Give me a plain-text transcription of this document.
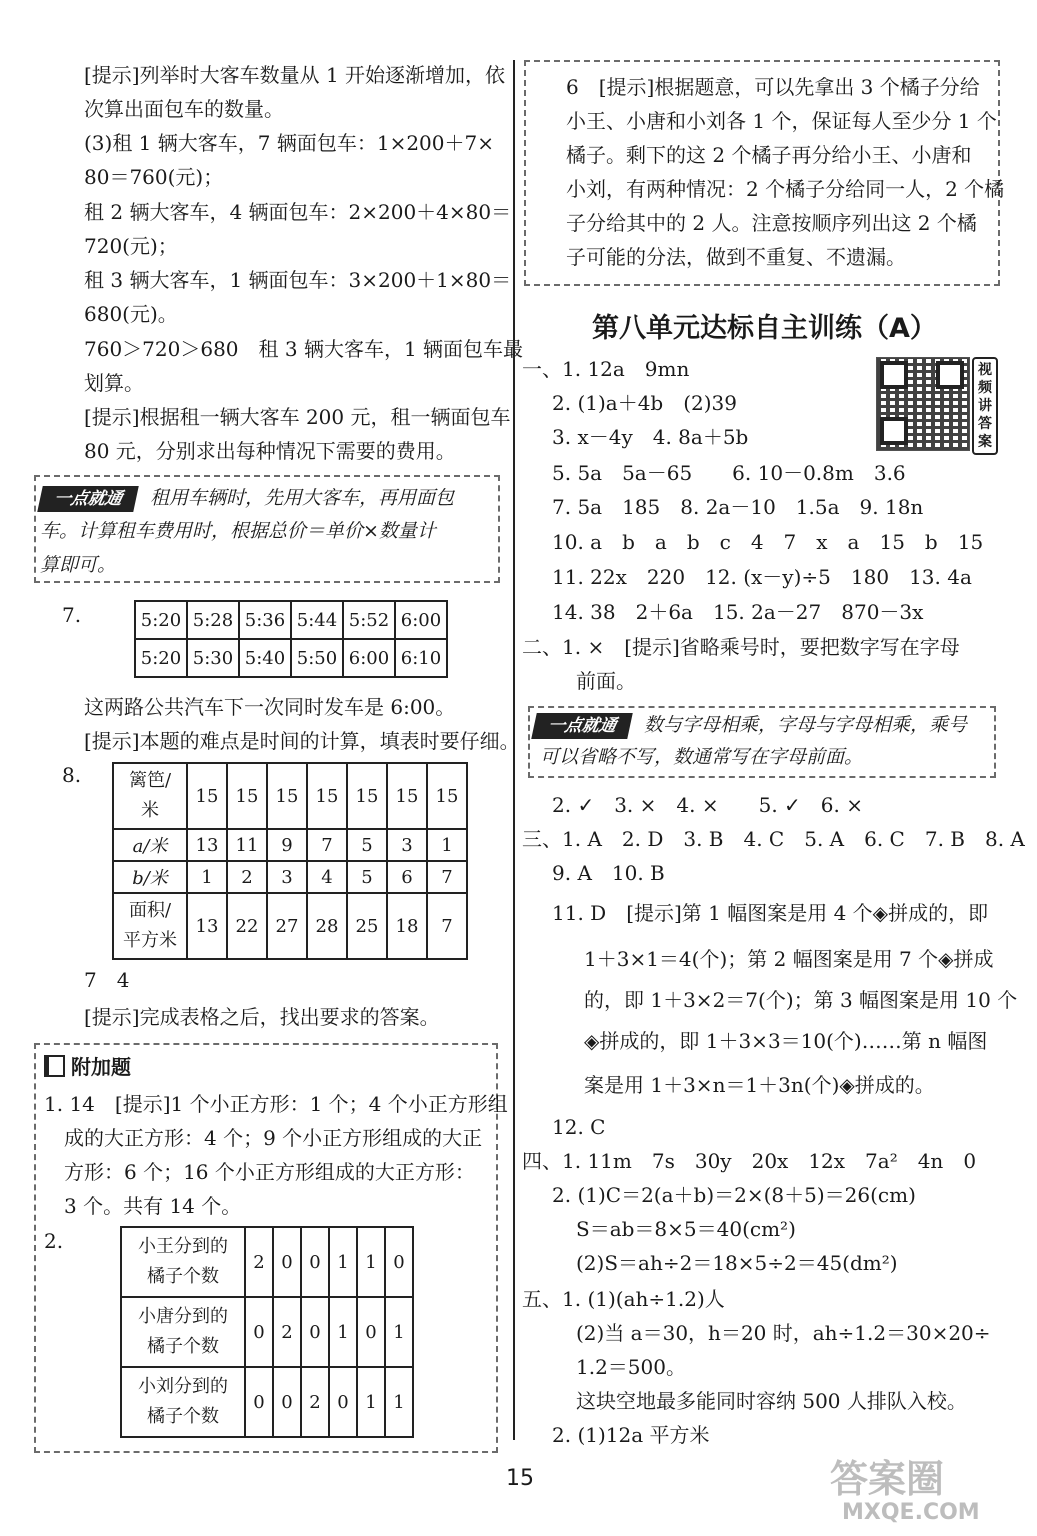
[提示]列举时大客车数量从 1 开始逐渐增加，依
次算出面包车的数量。
(3)租 1 辆大客车，7 辆面包车：1×200＋7×
80＝760(元)；
租 2 辆大客车，4 辆面包车：2×200＋4×80＝
720(元)；
租 3 辆大客车，1 辆面包车：3×200＋1×80＝
680(元)。
760＞720＞680　租 3 辆大客车，1 辆面包车最
划算。
[提示]根据租一辆大客车 200 元，租一辆面包车
80 元，分别求出每种情况下需要的费用。
一点就通 租用车辆时，先用大客车，再用面包
车。计算租车费用时，根据总价＝单价×数量计
算即可。
7.	5:20	5:28	5:36	5:44	5:52	6:00
5:20	5:30	5:40	5:50	6:00	6:10
这两路公共汽车下一次同时发车是 6:00。
[提示]本题的难点是时间的计算，填表时要仔细。
8.	篱笆/
米	15	15	15	15	15	15	15
a/米	13	11	9	7	5	3	1
b/米	1	2	3	4	5	6	7
面积/
平方米	13	22	27	28	25	18	7
7　4
[提示]完成表格之后，找出要求的答案。
附加题
1. 14　[提示]1 个小正方形：1 个；4 个小正方形组
成的大正方形：4 个；9 个小正方形组成的大正
方形：6 个；16 个小正方形组成的大正方形：
3 个。共有 14 个。
2.	小王分到的
橘子个数	2	0	0	1	1	0
小唐分到的
橘子个数	0	2	0	1	0	1
小刘分到的
橘子个数	0	0	2	0	1	1
6　[提示]根据题意，可以先拿出 3 个橘子分给
小王、小唐和小刘各 1 个，保证每人至少分 1 个
橘子。剩下的这 2 个橘子再分给小王、小唐和
小刘，有两种情况：2 个橘子分给同一人，2 个橘
子分给其中的 2 人。注意按顺序列出这 2 个橘
子可能的分法，做到不重复、不遗漏。
第八单元达标自主训练（A）
视频讲答案
一、1. 12a　9mn
2. (1)a＋4b　(2)39
3. x－4y　4. 8a＋5b
5. 5a　5a－65　　6. 10－0.8m　3.6
7. 5a　185　8. 2a－10　1.5a　9. 18n
10. a　b　a　b　c　4　7　x　a　15　b　15
11. 22x　220　12. (x－y)÷5　180　13. 4a
14. 38　2＋6a　15. 2a－27　870－3x
二、1. ×　[提示]省略乘号时，要把数字写在字母
前面。
一点就通 数与字母相乘，字母与字母相乘，乘号
可以省略不写，数通常写在字母前面。
2. ✓　3. ×　4. ×　　5. ✓　6. ×
三、1. A　2. D　3. B　4. C　5. A　6. C　7. B　8. A
9. A　10. B
11. D　[提示]第 1 幅图案是用 4 个◈拼成的，即
1＋3×1＝4(个)；第 2 幅图案是用 7 个◈拼成
的，即 1＋3×2＝7(个)；第 3 幅图案是用 10 个
◈拼成的，即 1＋3×3＝10(个)……第 n 幅图
案是用 1＋3×n＝1＋3n(个)◈拼成的。
12. C
四、1. 11m　7s　30y　20x　12x　7a²　4n　0
2. (1)C＝2(a＋b)＝2×(8＋5)＝26(cm)
S＝ab＝8×5＝40(cm²)
(2)S＝ah÷2＝18×5÷2＝45(dm²)
五、1. (1)(ah÷1.2)人
(2)当 a＝30，h＝20 时，ah÷1.2＝30×20÷
1.2＝500。
这块空地最多能同时容纳 500 人排队入校。
2. (1)12a 平方米
15	答案圈
MXQE.COM
